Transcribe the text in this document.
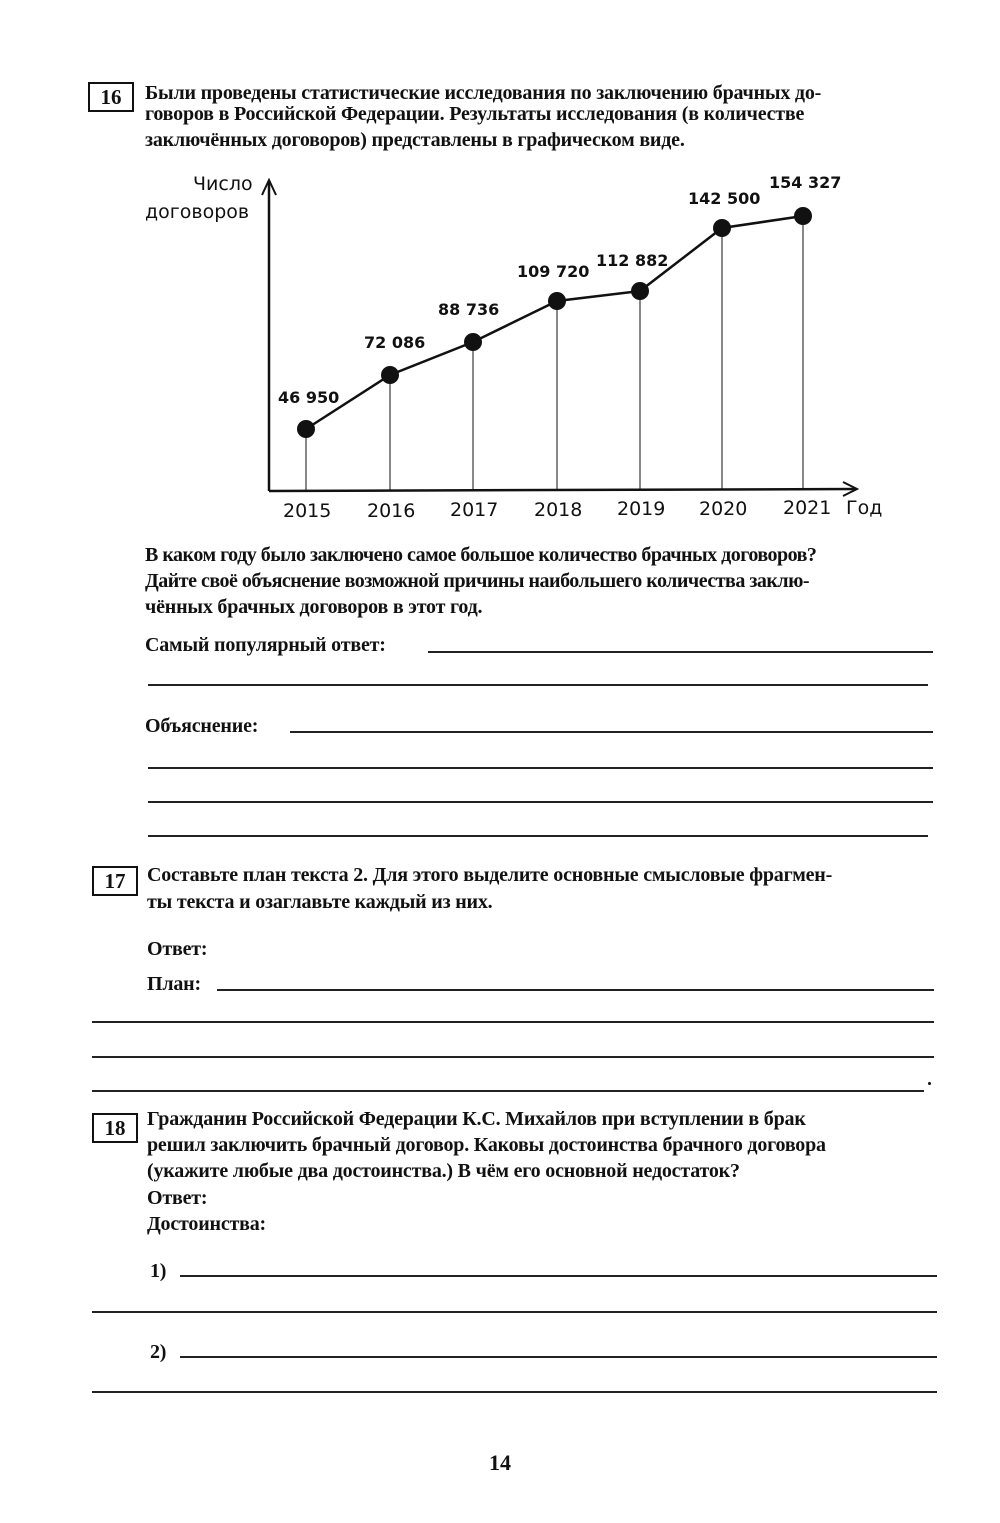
16	Были проведены статистические исследования по заключению брачных до-
говоров в Российской Федерации. Результаты исследования (в количестве
заключённых договоров) представлены в графическом виде.
Число
договоров
46 950
72 086
88 736
109 720
112 882
142 500
154 327
2015 2016 2017 2018 2019 2020 2021 Год
В каком году было заключено самое большое количество брачных договоров?
Дайте своё объяснение возможной причины наибольшего количества заклю-
чённых брачных договоров в этот год.
Самый популярный ответ:
Объяснение:
17	Составьте план текста 2. Для этого выделите основные смысловые фрагмен-
ты текста и озаглавьте каждый из них.
Ответ:
План:
18	Гражданин Российской Федерации К.С. Михайлов при вступлении в брак
решил заключить брачный договор. Каковы достоинства брачного договора
(укажите любые два достоинства.) В чём его основной недостаток?
Ответ:
Достоинства:
1)
2)
14
